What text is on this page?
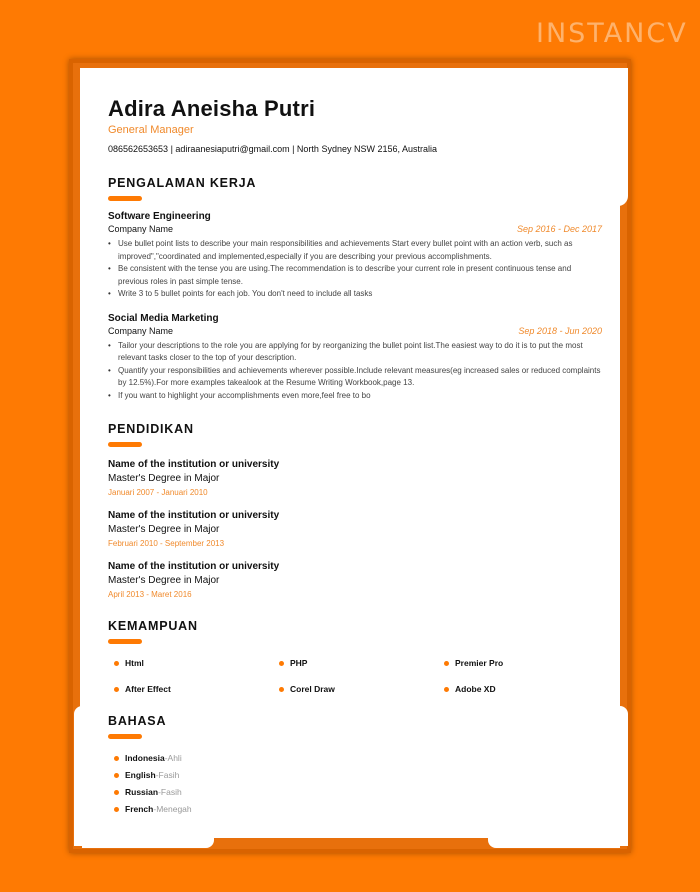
INSTANCV
Adira Aneisha Putri
General Manager
086562653653 | adiraanesiaputri@gmail.com | North Sydney NSW 2156, Australia
PENGALAMAN KERJA
Software Engineering
Company Name	Sep 2016 - Dec 2017
• Use bullet point lists to describe your main responsibilities and achievements Start every bullet point with an action verb, such as improved","coordinated and implemented,especially if you are describing your previous accomplishments.
• Be consistent with the tense you are using.The recommendation is to describe your current role in present continuous tense and previous roles in past simple tense.
• Write 3 to 5 bullet points for each job. You don't need to include all tasks
Social Media Marketing
Company Name	Sep 2018 - Jun 2020
• Tailor your descriptions to the role you are applying for by reorganizing the bullet point list.The easiest way to do it is to put the most relevant tasks closer to the top of your description.
• Quantify your responsibilities and achievements wherever possible.Include relevant measures(eg increased sales or reduced complaints by 12.5%).For more examples takealook at the Resume Writing Workbook,page 13.
• If you want to highlight your accomplishments even more,feel free to bo
PENDIDIKAN
Name of the institution or university
Master's Degree in Major
Januari 2007 - Januari 2010
Name of the institution or university
Master's Degree in Major
Februari 2010 - September 2013
Name of the institution or university
Master's Degree in Major
April 2013 - Maret 2016
KEMAMPUAN
Html	PHP	Premier Pro
After Effect	Corel Draw	Adobe XD
BAHASA
Indonesia - Ahli
English - Fasih
Russian - Fasih
French - Menegah
